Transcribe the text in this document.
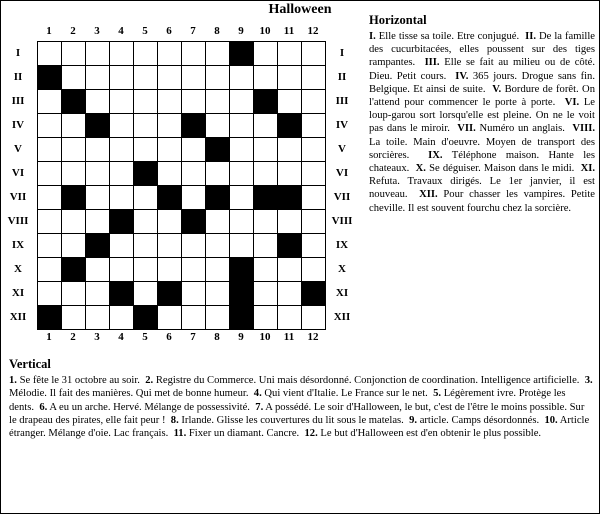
Halloween
1	2	3	4	5	6	7	8	9	10	11	12
1	2	3	4	5	6	7	8	9	10	11	12
I
II
III
IV
V
VI
VII
VIII
IX
X
XI
XII
I
II
III
IV
V
VI
VII
VIII
IX
X
XI
XII
Horizontal
I. Elle tisse sa toile. Etre conjugué. II. De la famille des cucurbitacées, elles poussent sur des tiges rampantes. III. Elle se fait au milieu ou de côté. Dieu. Petit cours. IV. 365 jours. Drogue sans fin. Belgique. Et ainsi de suite. V. Bordure de forêt. On l'attend pour commencer le porte à porte. VI. Le loup-garou sort lorsqu'elle est pleine. On ne le voit pas dans le miroir. VII. Numéro un anglais. VIII. La toile. Main d'oeuvre. Moyen de transport des sorcières. IX. Téléphone maison. Hante les chateaux. X. Se déguiser. Maison dans le midi. XI. Refuta. Travaux dirigés. Le 1er janvier, il est nouveau. XII. Pour chasser les vampires. Petite cheville. Il est souvent fourchu chez la sorcière.
Vertical
1. Se fête le 31 octobre au soir. 2. Registre du Commerce. Uni mais désordonné. Conjonction de coordination. Intelligence artificielle. 3. Mélodie. Il fait des manières. Qui met de bonne humeur. 4. Qui vient d'Italie. Le France sur le net. 5. Légèrement ivre. Protège les dents. 6. A eu un arche. Hervé. Mélange de possessivité. 7. A possédé. Le soir d'Halloween, le but, c'est de l'être le moins possible. Sur le drapeau des pirates, elle fait peur ! 8. Irlande. Glisse les couvertures du lit sous le matelas. 9. article. Camps désordonnés. 10. Article étranger. Mélange d'oie. Lac français. 11. Fixer un diamant. Cancre. 12. Le but d'Halloween est d'en obtenir le plus possible.
